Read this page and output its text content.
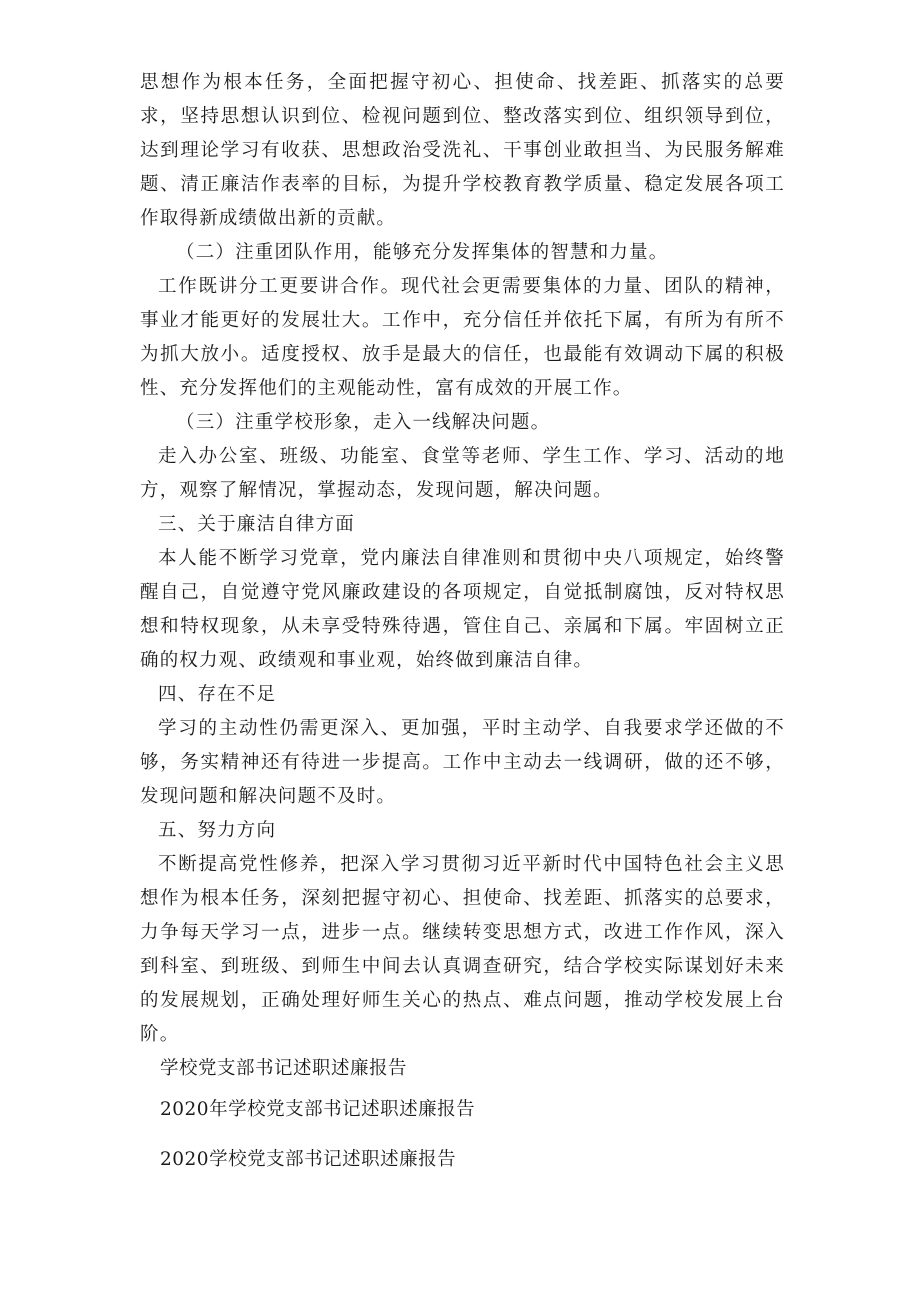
思想作为根本任务，全面把握守初心、担使命、找差距、抓落实的总要求，坚持思想认识到位、检视问题到位、整改落实到位、组织领导到位，达到理论学习有收获、思想政治受洗礼、干事创业敢担当、为民服务解难题、清正廉洁作表率的目标，为提升学校教育教学质量、稳定发展各项工作取得新成绩做出新的贡献。

（二）注重团队作用，能够充分发挥集体的智慧和力量。

工作既讲分工更要讲合作。现代社会更需要集体的力量、团队的精神，事业才能更好的发展壮大。工作中，充分信任并依托下属，有所为有所不为抓大放小。适度授权、放手是最大的信任，也最能有效调动下属的积极性、充分发挥他们的主观能动性，富有成效的开展工作。

（三）注重学校形象，走入一线解决问题。

走入办公室、班级、功能室、食堂等老师、学生工作、学习、活动的地方，观察了解情况，掌握动态，发现问题，解决问题。

三、关于廉洁自律方面

本人能不断学习党章，党内廉法自律准则和贯彻中央八项规定，始终警醒自己，自觉遵守党风廉政建设的各项规定，自觉抵制腐蚀，反对特权思想和特权现象，从未享受特殊待遇，管住自己、亲属和下属。牢固树立正确的权力观、政绩观和事业观，始终做到廉洁自律。

四、存在不足

学习的主动性仍需更深入、更加强，平时主动学、自我要求学还做的不够，务实精神还有待进一步提高。工作中主动去一线调研，做的还不够，发现问题和解决问题不及时。

五、努力方向

不断提高党性修养，把深入学习贯彻习近平新时代中国特色社会主义思想作为根本任务，深刻把握守初心、担使命、找差距、抓落实的总要求，力争每天学习一点，进步一点。继续转变思想方式，改进工作作风，深入到科室、到班级、到师生中间去认真调查研究，结合学校实际谋划好未来的发展规划，正确处理好师生关心的热点、难点问题，推动学校发展上台阶。

学校党支部书记述职述廉报告

2020年学校党支部书记述职述廉报告

2020学校党支部书记述职述廉报告
